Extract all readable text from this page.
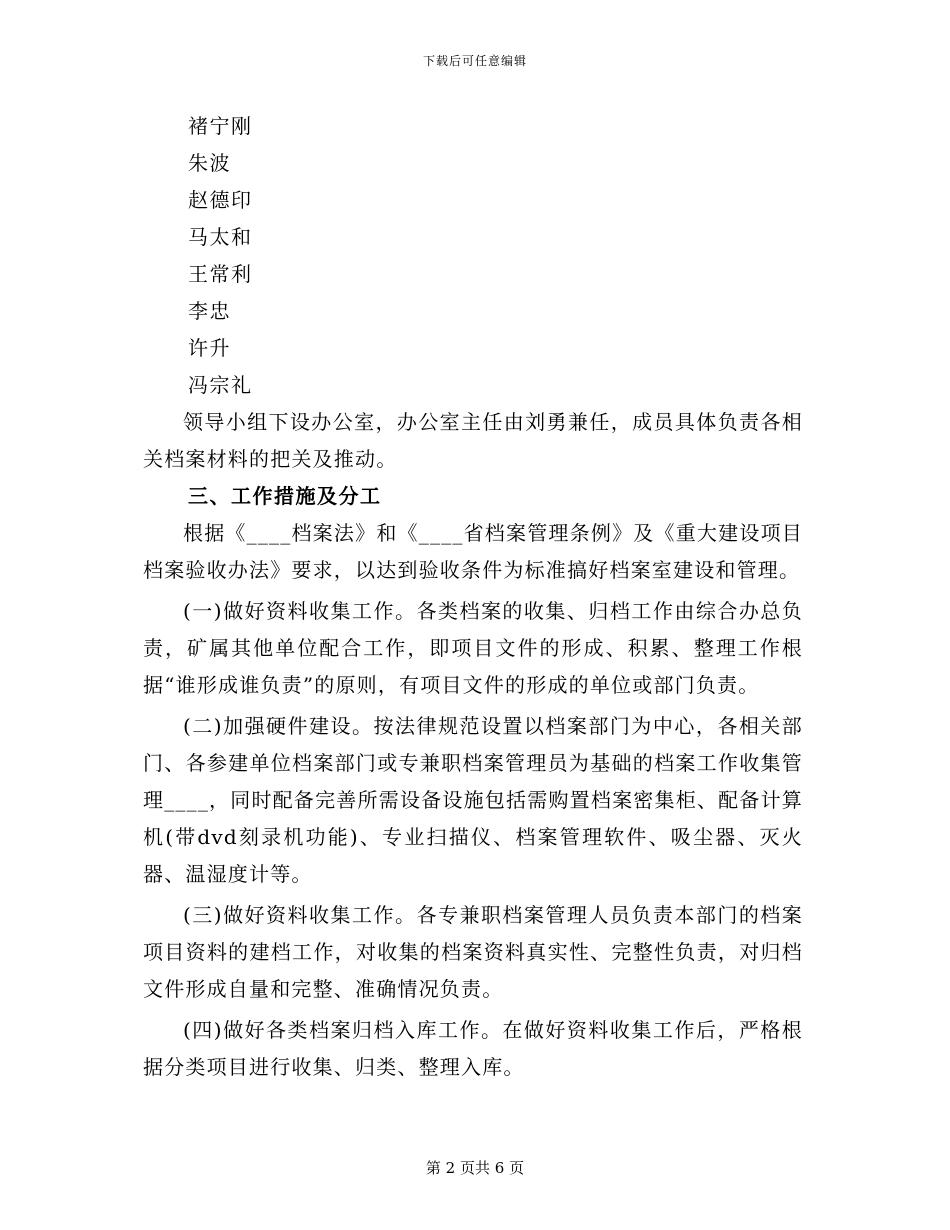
下载后可任意编辑
褚宁刚
朱波
赵德印
马太和
王常利
李忠
许升
冯宗礼
领导小组下设办公室，办公室主任由刘勇兼任，成员具体负责各相关档案材料的把关及推动。
三、工作措施及分工
根据《____档案法》和《____省档案管理条例》及《重大建设项目档案验收办法》要求，以达到验收条件为标准搞好档案室建设和管理。
(一)做好资料收集工作。各类档案的收集、归档工作由综合办总负责，矿属其他单位配合工作，即项目文件的形成、积累、整理工作根据“谁形成谁负责”的原则，有项目文件的形成的单位或部门负责。
(二)加强硬件建设。按法律规范设置以档案部门为中心，各相关部门、各参建单位档案部门或专兼职档案管理员为基础的档案工作收集管理____，同时配备完善所需设备设施包括需购置档案密集柜、配备计算机(带dvd刻录机功能)、专业扫描仪、档案管理软件、吸尘器、灭火器、温湿度计等。
(三)做好资料收集工作。各专兼职档案管理人员负责本部门的档案项目资料的建档工作，对收集的档案资料真实性、完整性负责，对归档文件形成自量和完整、准确情况负责。
(四)做好各类档案归档入库工作。在做好资料收集工作后，严格根据分类项目进行收集、归类、整理入库。
第 2 页共 6 页
